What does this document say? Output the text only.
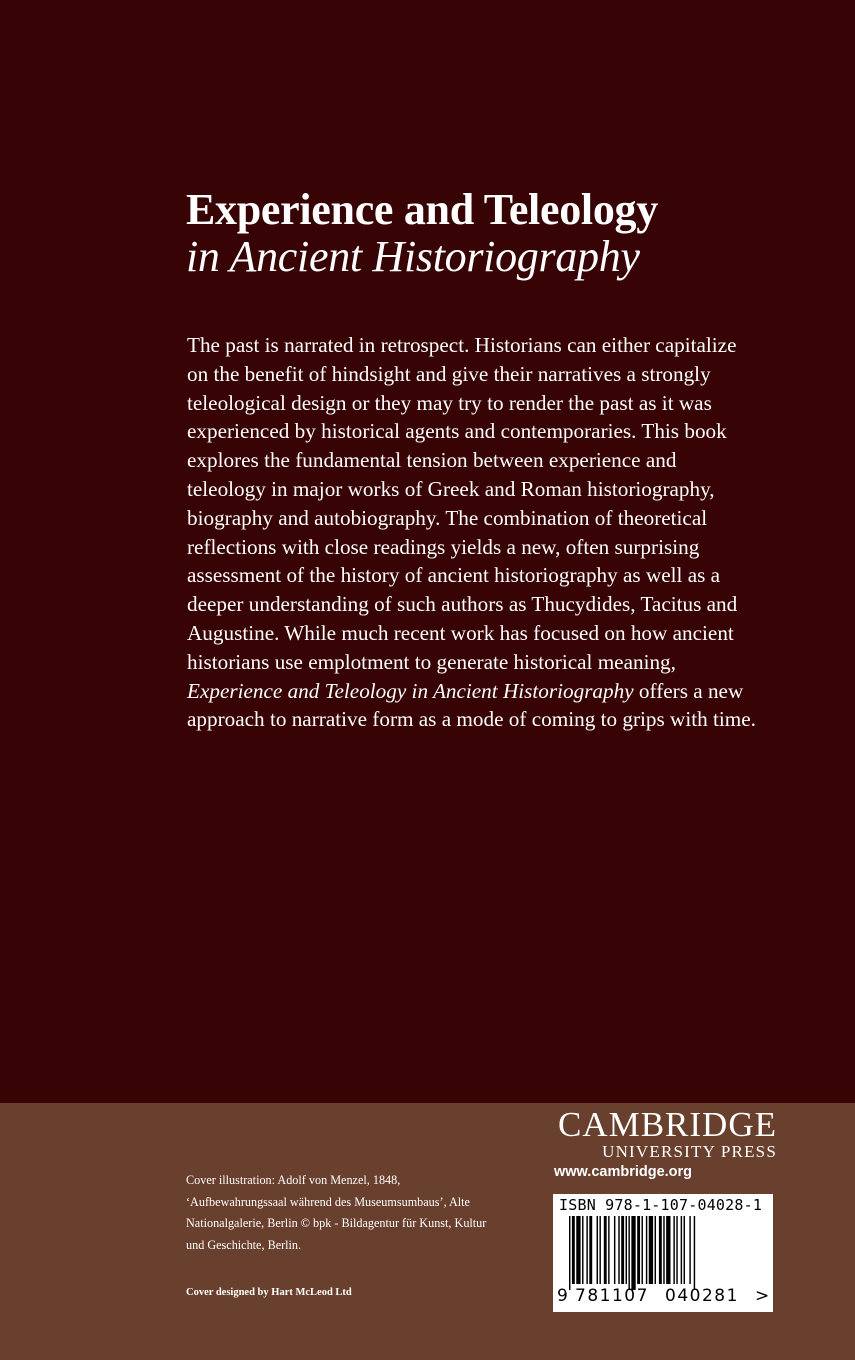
Experience and Teleology
in Ancient Historiography
The past is narrated in retrospect. Historians can either capitalize
on the benefit of hindsight and give their narratives a strongly
teleological design or they may try to render the past as it was
experienced by historical agents and contemporaries. This book
explores the fundamental tension between experience and
teleology in major works of Greek and Roman historiography,
biography and autobiography. The combination of theoretical
reflections with close readings yields a new, often surprising
assessment of the history of ancient historiography as well as a
deeper understanding of such authors as Thucydides, Tacitus and
Augustine. While much recent work has focused on how ancient
historians use emplotment to generate historical meaning,
Experience and Teleology in Ancient Historiography offers a new
approach to narrative form as a mode of coming to grips with time.
Cover illustration: Adolf von Menzel, 1848,
‘Aufbewahrungssaal während des Museumsumbaus’, Alte
Nationalgalerie, Berlin © bpk - Bildagentur für Kunst, Kultur
und Geschichte, Berlin.
Cover designed by Hart McLeod Ltd
CAMBRIDGE
UNIVERSITY PRESS
www.cambridge.org
ISBN 978-1-107-04028-1
9 781107 040281 >
